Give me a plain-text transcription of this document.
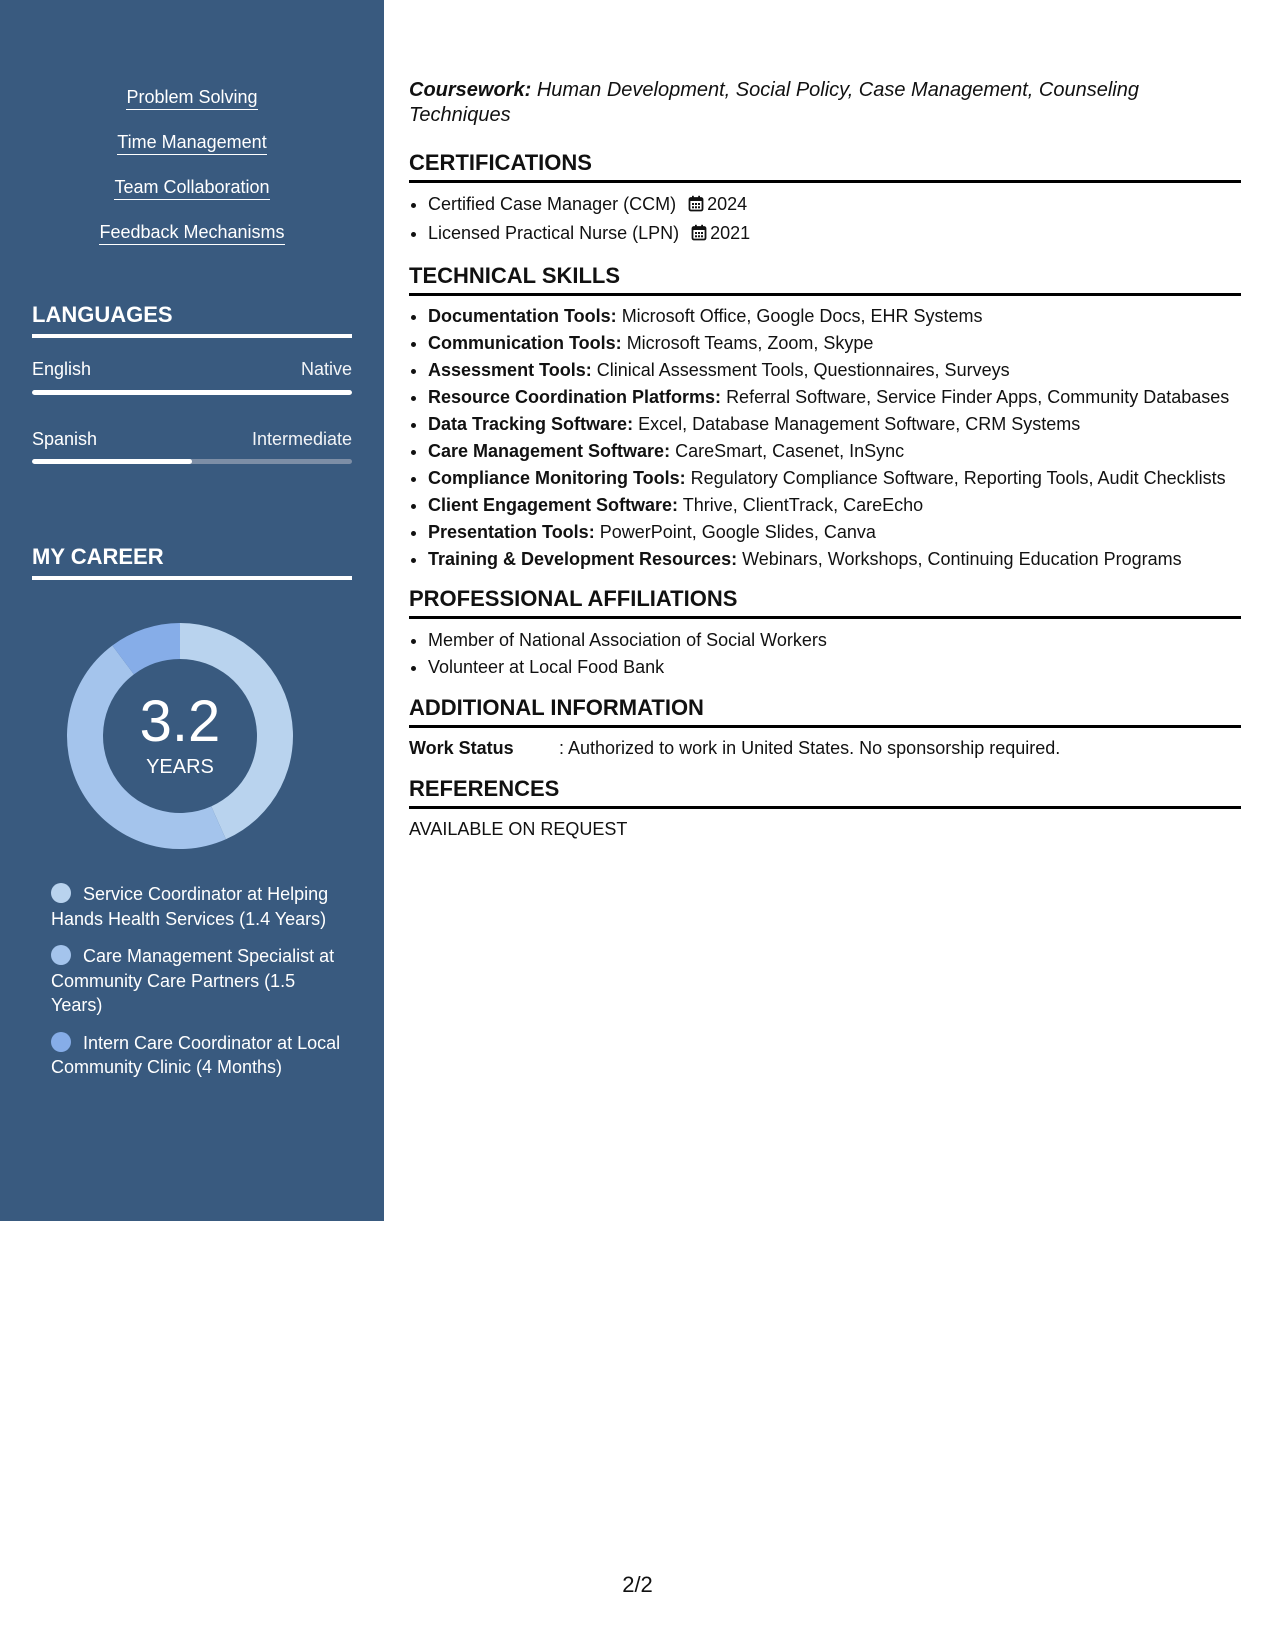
Problem Solving
Time Management
Team Collaboration
Feedback Mechanisms
LANGUAGES
English	Native
Spanish	Intermediate
MY CAREER
3.2
YEARS
Service Coordinator at Helping Hands Health Services (1.4 Years)
Care Management Specialist at Community Care Partners (1.5 Years)
Intern Care Coordinator at Local Community Clinic (4 Months)

Coursework: Human Development, Social Policy, Case Management, Counseling Techniques

CERTIFICATIONS
• Certified Case Manager (CCM) 2024
• Licensed Practical Nurse (LPN) 2021
TECHNICAL SKILLS
• Documentation Tools: Microsoft Office, Google Docs, EHR Systems
• Communication Tools: Microsoft Teams, Zoom, Skype
• Assessment Tools: Clinical Assessment Tools, Questionnaires, Surveys
• Resource Coordination Platforms: Referral Software, Service Finder Apps, Community Databases
• Data Tracking Software: Excel, Database Management Software, CRM Systems
• Care Management Software: CareSmart, Casenet, InSync
• Compliance Monitoring Tools: Regulatory Compliance Software, Reporting Tools, Audit Checklists
• Client Engagement Software: Thrive, ClientTrack, CareEcho
• Presentation Tools: PowerPoint, Google Slides, Canva
• Training & Development Resources: Webinars, Workshops, Continuing Education Programs
PROFESSIONAL AFFILIATIONS
• Member of National Association of Social Workers
• Volunteer at Local Food Bank
ADDITIONAL INFORMATION
Work Status	: Authorized to work in United States. No sponsorship required.
REFERENCES
AVAILABLE ON REQUEST
2/2
